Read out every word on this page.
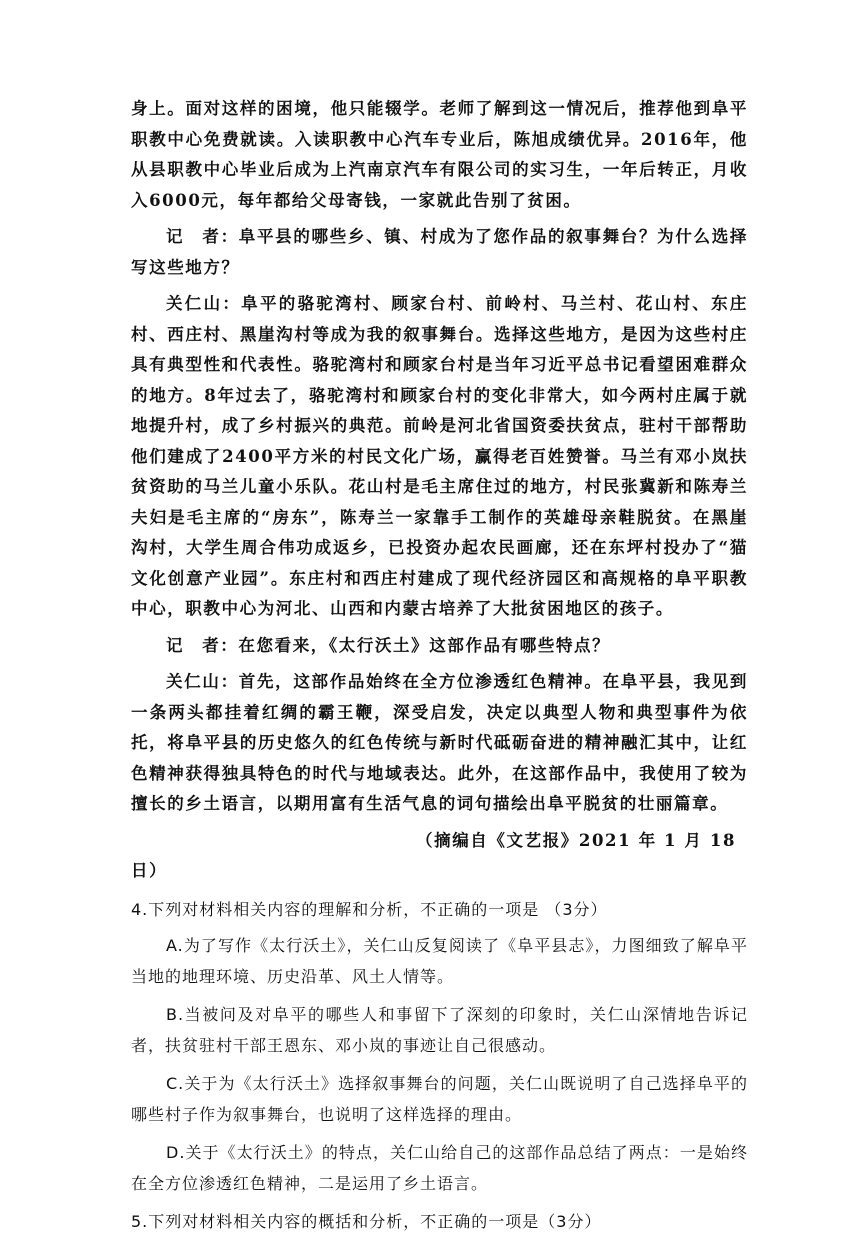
身上。面对这样的困境，他只能辍学。老师了解到这一情况后，推荐他到阜平职教中心免费就读。入读职教中心汽车专业后，陈旭成绩优异。2016年，他从县职教中心毕业后成为上汽南京汽车有限公司的实习生，一年后转正，月收入6000元，每年都给父母寄钱，一家就此告别了贫困。

记　者：阜平县的哪些乡、镇、村成为了您作品的叙事舞台？为什么选择写这些地方？

关仁山：阜平的骆驼湾村、顾家台村、前岭村、马兰村、花山村、东庄村、西庄村、黑崖沟村等成为我的叙事舞台。选择这些地方，是因为这些村庄具有典型性和代表性。骆驼湾村和顾家台村是当年习近平总书记看望困难群众的地方。8年过去了，骆驼湾村和顾家台村的变化非常大，如今两村庄属于就地提升村，成了乡村振兴的典范。前岭是河北省国资委扶贫点，驻村干部帮助他们建成了2400平方米的村民文化广场，赢得老百姓赞誉。马兰有邓小岚扶贫资助的马兰儿童小乐队。花山村是毛主席住过的地方，村民张冀新和陈寿兰夫妇是毛主席的“房东”，陈寿兰一家靠手工制作的英雄母亲鞋脱贫。在黑崖沟村，大学生周合伟功成返乡，已投资办起农民画廊，还在东坪村投办了“猫文化创意产业园”。东庄村和西庄村建成了现代经济园区和高规格的阜平职教中心，职教中心为河北、山西和内蒙古培养了大批贫困地区的孩子。

记　者：在您看来，《太行沃土》这部作品有哪些特点？

关仁山：首先，这部作品始终在全方位渗透红色精神。在阜平县，我见到一条两头都挂着红绸的霸王鞭，深受启发，决定以典型人物和典型事件为依托，将阜平县的历史悠久的红色传统与新时代砥砺奋进的精神融汇其中，让红色精神获得独具特色的时代与地域表达。此外，在这部作品中，我使用了较为擅长的乡土语言，以期用富有生活气息的词句描绘出阜平脱贫的壮丽篇章。

（摘编自《文艺报》2021 年 1 月 18 日）

4.下列对材料相关内容的理解和分析，不正确的一项是 （3分）

A.为了写作《太行沃土》，关仁山反复阅读了《阜平县志》，力图细致了解阜平当地的地理环境、历史沿革、风土人情等。

B.当被问及对阜平的哪些人和事留下了深刻的印象时，关仁山深情地告诉记者，扶贫驻村干部王恩东、邓小岚的事迹让自己很感动。

C.关于为《太行沃土》选择叙事舞台的问题，关仁山既说明了自己选择阜平的哪些村子作为叙事舞台，也说明了这样选择的理由。

D.关于《太行沃土》的特点，关仁山给自己的这部作品总结了两点：一是始终在全方位渗透红色精神，二是运用了乡土语言。

5.下列对材料相关内容的概括和分析，不正确的一项是（3分）
